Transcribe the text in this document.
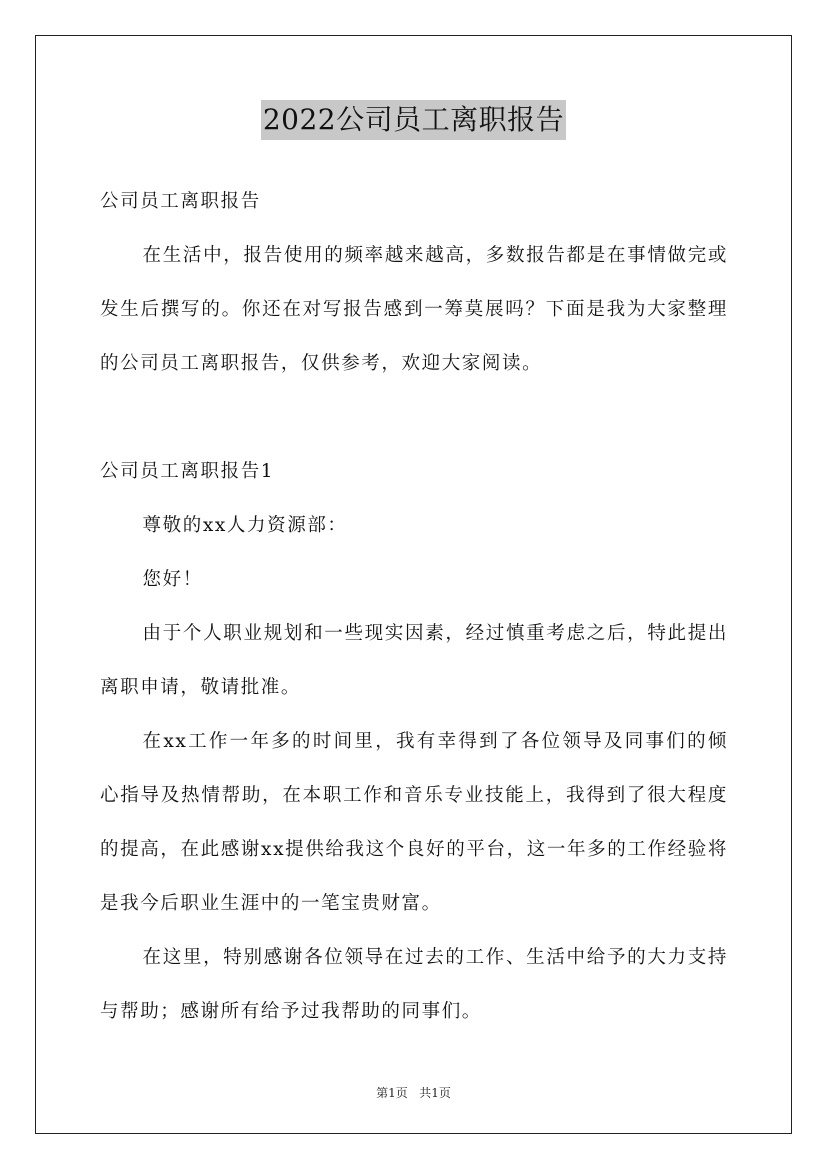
2022公司员工离职报告

公司员工离职报告

在生活中，报告使用的频率越来越高，多数报告都是在事情做完或发生后撰写的。你还在对写报告感到一筹莫展吗？下面是我为大家整理的公司员工离职报告，仅供参考，欢迎大家阅读。

公司员工离职报告1

尊敬的xx人力资源部：

您好！

由于个人职业规划和一些现实因素，经过慎重考虑之后，特此提出离职申请，敬请批准。

在xx工作一年多的时间里，我有幸得到了各位领导及同事们的倾心指导及热情帮助，在本职工作和音乐专业技能上，我得到了很大程度的提高，在此感谢xx提供给我这个良好的平台，这一年多的工作经验将是我今后职业生涯中的一笔宝贵财富。

在这里，特别感谢各位领导在过去的工作、生活中给予的大力支持与帮助；感谢所有给予过我帮助的同事们。

第1页 共1页
